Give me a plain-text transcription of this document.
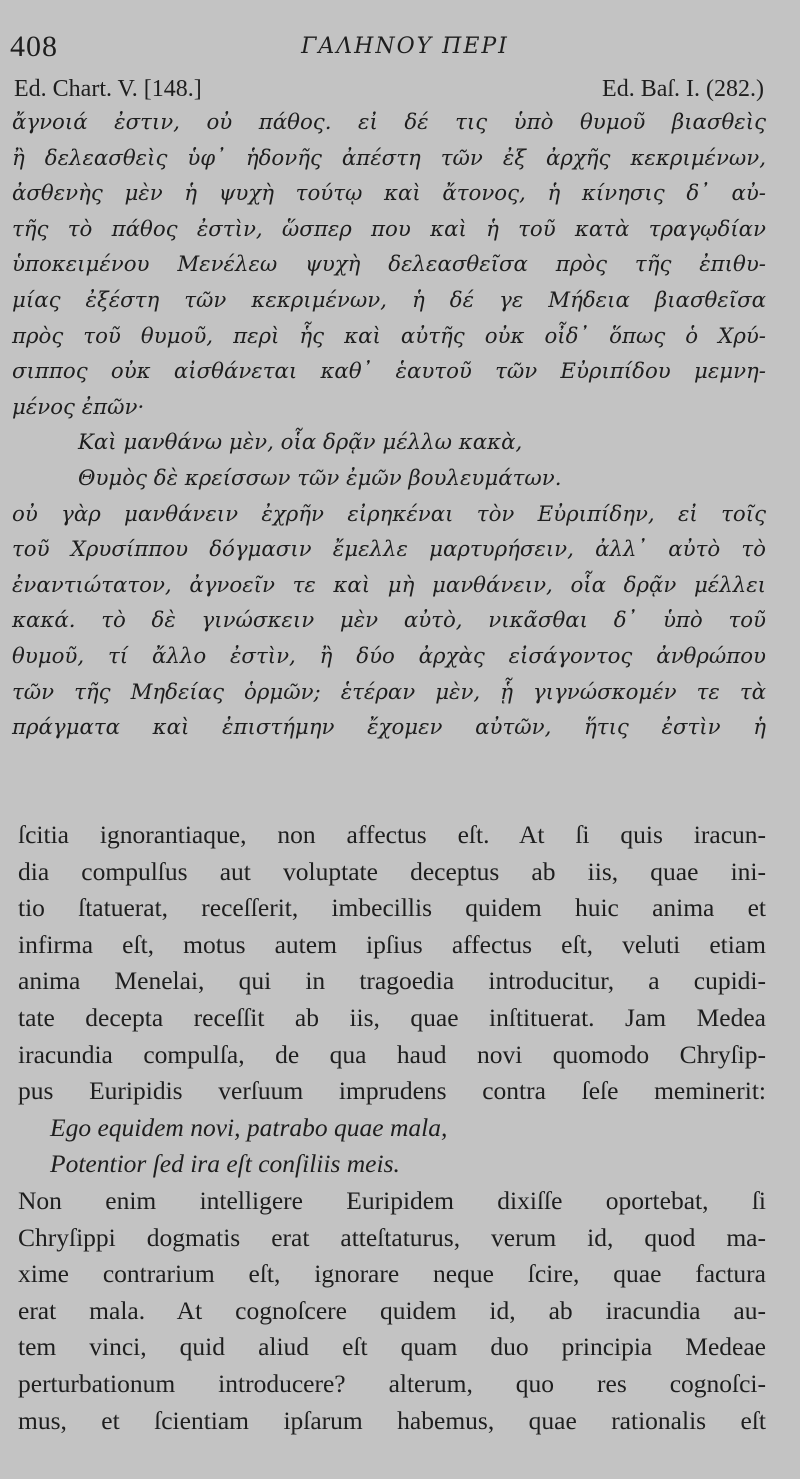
408	ΓΑΛΗΝΟΥ ΠΕΡΙ
Ed. Chart. V. [148.]	Ed. Baſ. I. (282.)
ἄγνοιά ἐστιν, οὐ πάθος. εἰ δέ τις ὑπὸ θυμοῦ βιασθεὶς
ἢ δελεασθεὶς ὑφ᾽ ἡδονῆς ἀπέστη τῶν ἐξ ἀρχῆς κεκριμένων,
ἀσθενὴς μὲν ἡ ψυχὴ τούτῳ καὶ ἄτονος, ἡ κίνησις δ᾽ αὐ-
τῆς τὸ πάθος ἐστὶν, ὥσπερ που καὶ ἡ τοῦ κατὰ τραγῳδίαν
ὑποκειμένου Μενέλεω ψυχὴ δελεασθεῖσα πρὸς τῆς ἐπιθυ-
μίας ἐξέστη τῶν κεκριμένων, ἡ δέ γε Μήδεια βιασθεῖσα
πρὸς τοῦ θυμοῦ, περὶ ἧς καὶ αὐτῆς οὐκ οἶδ᾽ ὅπως ὁ Χρύ-
σιππος οὐκ αἰσθάνεται καθ᾽ ἑαυτοῦ τῶν Εὐριπίδου μεμνη-
μένος ἐπῶν·
Καὶ μανθάνω μὲν, οἷα δρᾷν μέλλω κακὰ,
Θυμὸς δὲ κρείσσων τῶν ἐμῶν βουλευμάτων.
οὐ γὰρ μανθάνειν ἐχρῆν εἰρηκέναι τὸν Εὐριπίδην, εἰ τοῖς
τοῦ Χρυσίππου δόγμασιν ἔμελλε μαρτυρήσειν, ἀλλ᾽ αὐτὸ τὸ
ἐναντιώτατον, ἀγνοεῖν τε καὶ μὴ μανθάνειν, οἷα δρᾷν μέλλει
κακά. τὸ δὲ γινώσκειν μὲν αὐτὸ, νικᾶσθαι δ᾽ ὑπὸ τοῦ
θυμοῦ, τί ἄλλο ἐστὶν, ἢ δύο ἀρχὰς εἰσάγοντος ἀνθρώπου
τῶν τῆς Μηδείας ὁρμῶν; ἑτέραν μὲν, ᾗ γιγνώσκομέν τε τὰ
πράγματα καὶ ἐπιστήμην ἔχομεν αὐτῶν, ἥτις ἐστὶν ἡ
ſcitia ignorantiaque, non affectus eſt. At ſi quis iracun-
dia compulſus aut voluptate deceptus ab iis, quae ini-
tio ſtatuerat, receſſerit, imbecillis quidem huic anima et
infirma eſt, motus autem ipſius affectus eſt, veluti etiam
anima Menelai, qui in tragoedia introducitur, a cupidi-
tate decepta receſſit ab iis, quae inſtituerat. Jam Medea
iracundia compulſa, de qua haud novi quomodo Chryſip-
pus Euripidis verſuum imprudens contra ſeſe meminerit:
Ego equidem novi, patrabo quae mala,
Potentior ſed ira eſt conſiliis meis.
Non enim intelligere Euripidem dixiſſe oportebat, ſi
Chryſippi dogmatis erat atteſtaturus, verum id, quod ma-
xime contrarium eſt, ignorare neque ſcire, quae factura
erat mala. At cognoſcere quidem id, ab iracundia au-
tem vinci, quid aliud eſt quam duo principia Medeae
perturbationum introducere? alterum, quo res cognoſci-
mus, et ſcientiam ipſarum habemus, quae rationalis eſt
